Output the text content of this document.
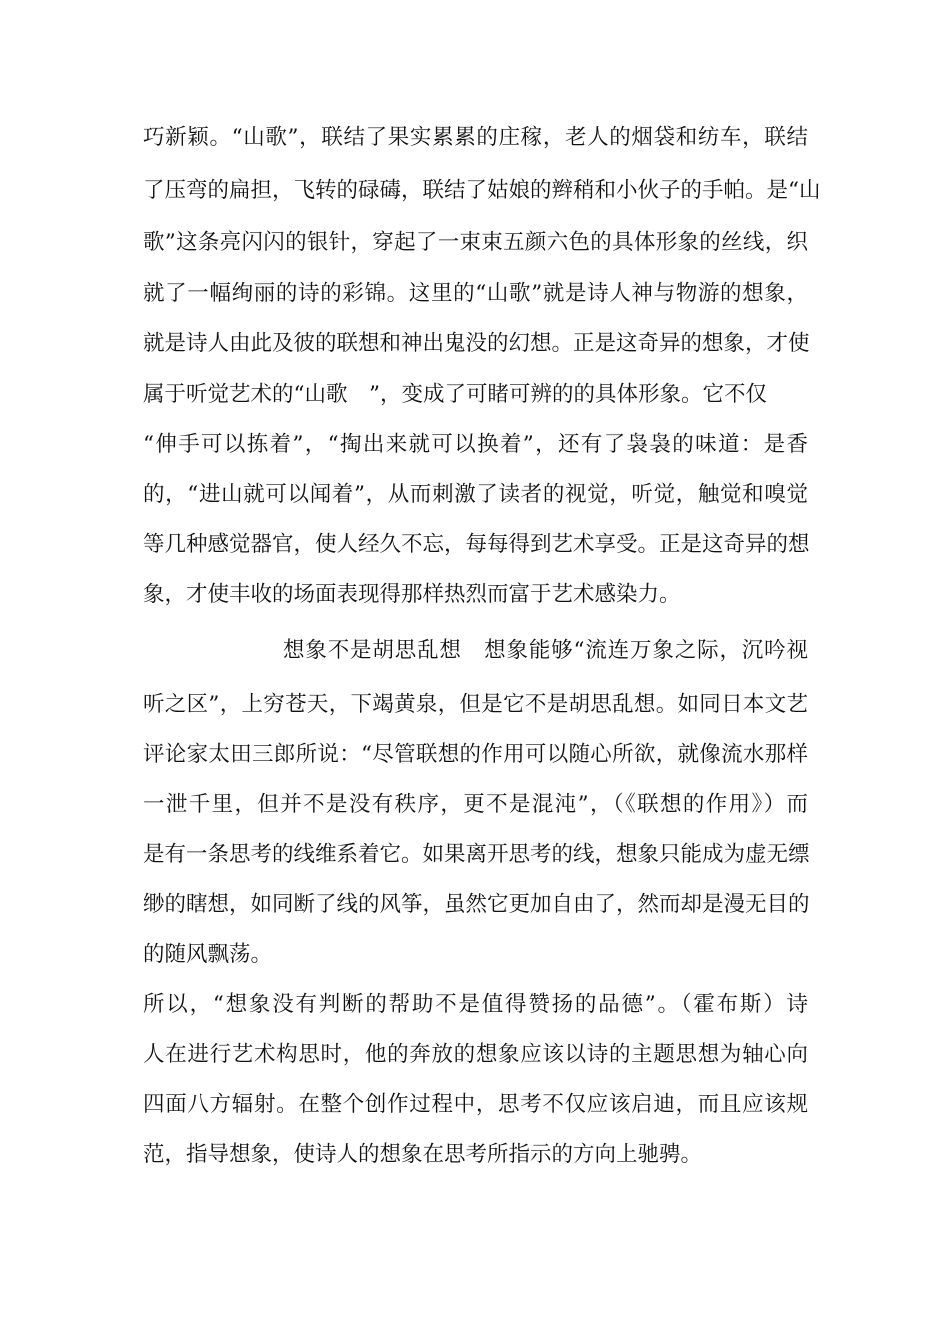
巧新颖。“山歌”，联结了果实累累的庄稼，老人的烟袋和纺车，联结
了压弯的扁担，飞转的碌碡，联结了姑娘的辫稍和小伙子的手帕。是“山
歌”这条亮闪闪的银针，穿起了一束束五颜六色的具体形象的丝线，织
就了一幅绚丽的诗的彩锦。这里的“山歌”就是诗人神与物游的想象，
就是诗人由此及彼的联想和神出鬼没的幻想。正是这奇异的想象，才使
属于听觉艺术的“山歌　”，变成了可睹可辨的的具体形象。它不仅
“伸手可以拣着”，“掏出来就可以换着”，还有了袅袅的味道：是香
的，“进山就可以闻着”，从而刺激了读者的视觉，听觉，触觉和嗅觉
等几种感觉器官，使人经久不忘，每每得到艺术享受。正是这奇异的想
象，才使丰收的场面表现得那样热烈而富于艺术感染力。
想象不是胡思乱想　想象能够“流连万象之际，沉吟视
听之区”，上穷苍天，下竭黄泉，但是它不是胡思乱想。如同日本文艺
评论家太田三郎所说：“尽管联想的作用可以随心所欲，就像流水那样
一泄千里，但并不是没有秩序，更不是混沌”，（《联想的作用》）而
是有一条思考的线维系着它。如果离开思考的线，想象只能成为虚无缥
缈的瞎想，如同断了线的风筝，虽然它更加自由了，然而却是漫无目的
的随风飘荡。
所以，“想象没有判断的帮助不是值得赞扬的品德”。（霍布斯）诗
人在进行艺术构思时，他的奔放的想象应该以诗的主题思想为轴心向
四面八方辐射。在整个创作过程中，思考不仅应该启迪，而且应该规
范，指导想象，使诗人的想象在思考所指示的方向上驰骋。
